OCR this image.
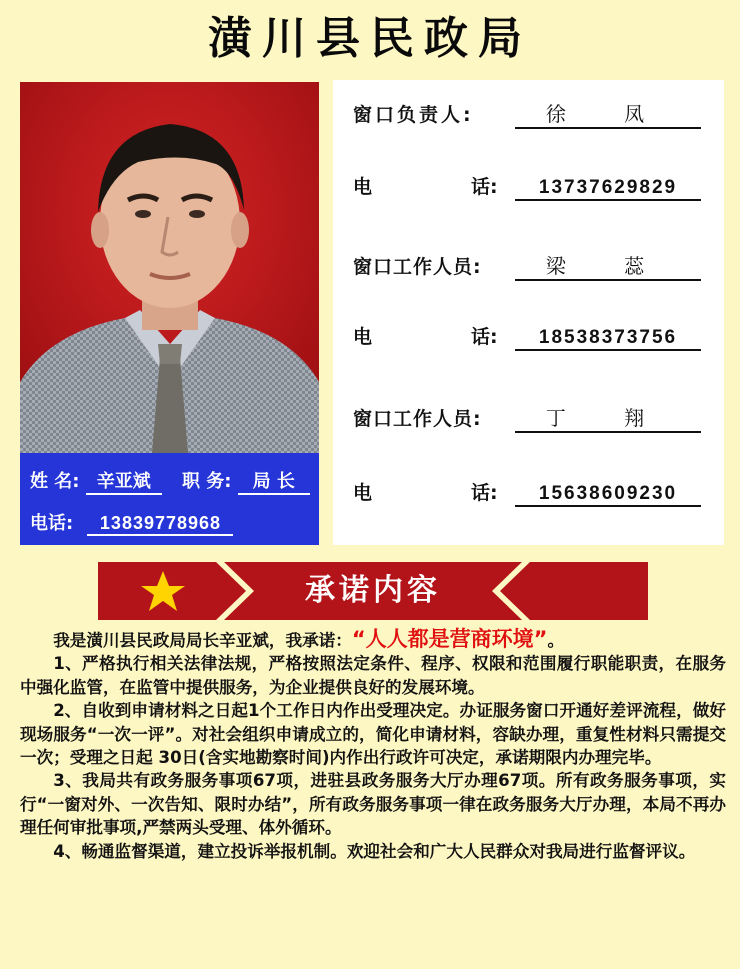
潢川县民政局
姓 名: 辛亚斌 职 务: 局 长
电话: 13839778968
窗口负责人:	徐 凤
电	话: 13737629829
窗口工作人员:	梁 蕊
电	话: 18538373756
窗口工作人员:	丁 翔
电	话: 15638609230
承诺内容

我是潢川县民政局局长辛亚斌，我承诺：“人人都是营商环境”。

1、严格执行相关法律法规，严格按照法定条件、程序、权限和范围履行职能职责，在服务中强化监管，在监管中提供服务，为企业提供良好的发展环境。

2、自收到申请材料之日起1个工作日内作出受理决定。办证服务窗口开通好差评流程，做好现场服务“一次一评”。对社会组织申请成立的，简化申请材料，容缺办理，重复性材料只需提交一次；受理之日起 30日(含实地勘察时间)内作出行政许可决定，承诺期限内办理完毕。

3、我局共有政务服务事项67项，进驻县政务服务大厅办理67项。所有政务服务事项，实行“一窗对外、一次告知、限时办结”，所有政务服务事项一律在政务服务大厅办理，本局不再办理任何审批事项,严禁两头受理、体外循环。

4、畅通监督渠道，建立投诉举报机制。欢迎社会和广大人民群众对我局进行监督评议。
